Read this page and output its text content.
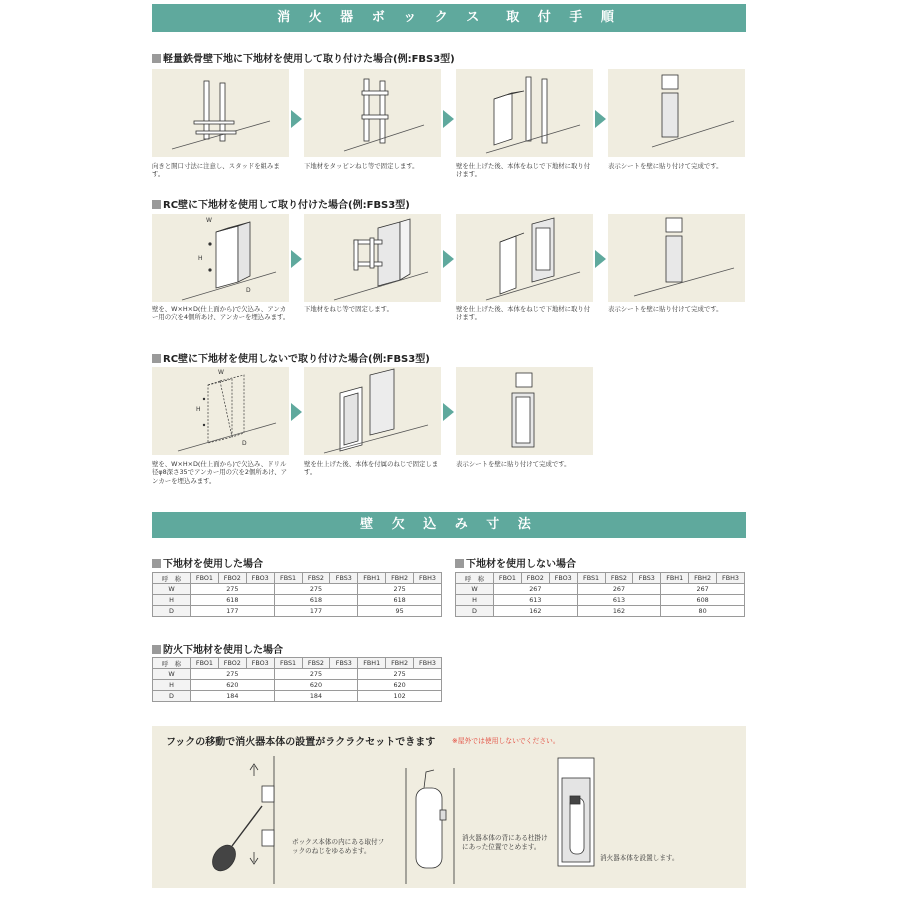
消 火 器 ボ ッ ク ス　取 付 手 順
軽量鉄骨壁下地に下地材を使用して取り付けた場合(例:FBS3型)
向きと開口寸法に注意し、スタッドを組みます。
下地材をタッピンねじ等で固定します。	壁を仕上げた後、本体をねじで下地材に取り付けます。
表示シートを壁に貼り付けて完成です。
RC壁に下地材を使用して取り付けた場合(例:FBS3型)
W
H
D
壁を、W×H×D(仕上面から)で欠込み、アンカー用の穴を4個所あけ、アンカーを埋込みます。
下地材をねじ等で固定します。	壁を仕上げた後、本体をねじで下地材に取り付けます。
表示シートを壁に貼り付けて完成です。
RC壁に下地材を使用しないで取り付けた場合(例:FBS3型)
W
H
D
壁を、W×H×D(仕上面から)で欠込み、ドリル径φ8深さ35でアンカー用の穴を2個所あけ、アンカーを埋込みます。
壁を仕上げた後、本体を付属のねじで固定します。
表示シートを壁に貼り付けて完成です。
壁 欠 込 み 寸 法
下地材を使用した場合
呼　称	FBO1	FBO2	FBO3	FBS1	FBS2	FBS3	FBH1	FBH2	FBH3
W	275			275			275		
H	618			618			618		
D	177			177			95		
下地材を使用しない場合
呼　称	FBO1	FBO2	FBO3	FBS1	FBS2	FBS3	FBH1	FBH2	FBH3
W	267			267			267		
H	613			613			608		
D	162			162			80		
防火下地材を使用した場合
呼　称	FBO1	FBO2	FBO3	FBS1	FBS2	FBS3	FBH1	FBH2	FBH3
W	275			275			275		
H	620			620			620		
D	184			184			102		
フックの移動で消火器本体の設置がラクラクセットできます ※屋外では使用しないでください。
ボックス本体の内にある取付フックのねじをゆるめます。
消火器本体の背にある杜掛けにあった位置でとめます。
消火器本体を設置します。
